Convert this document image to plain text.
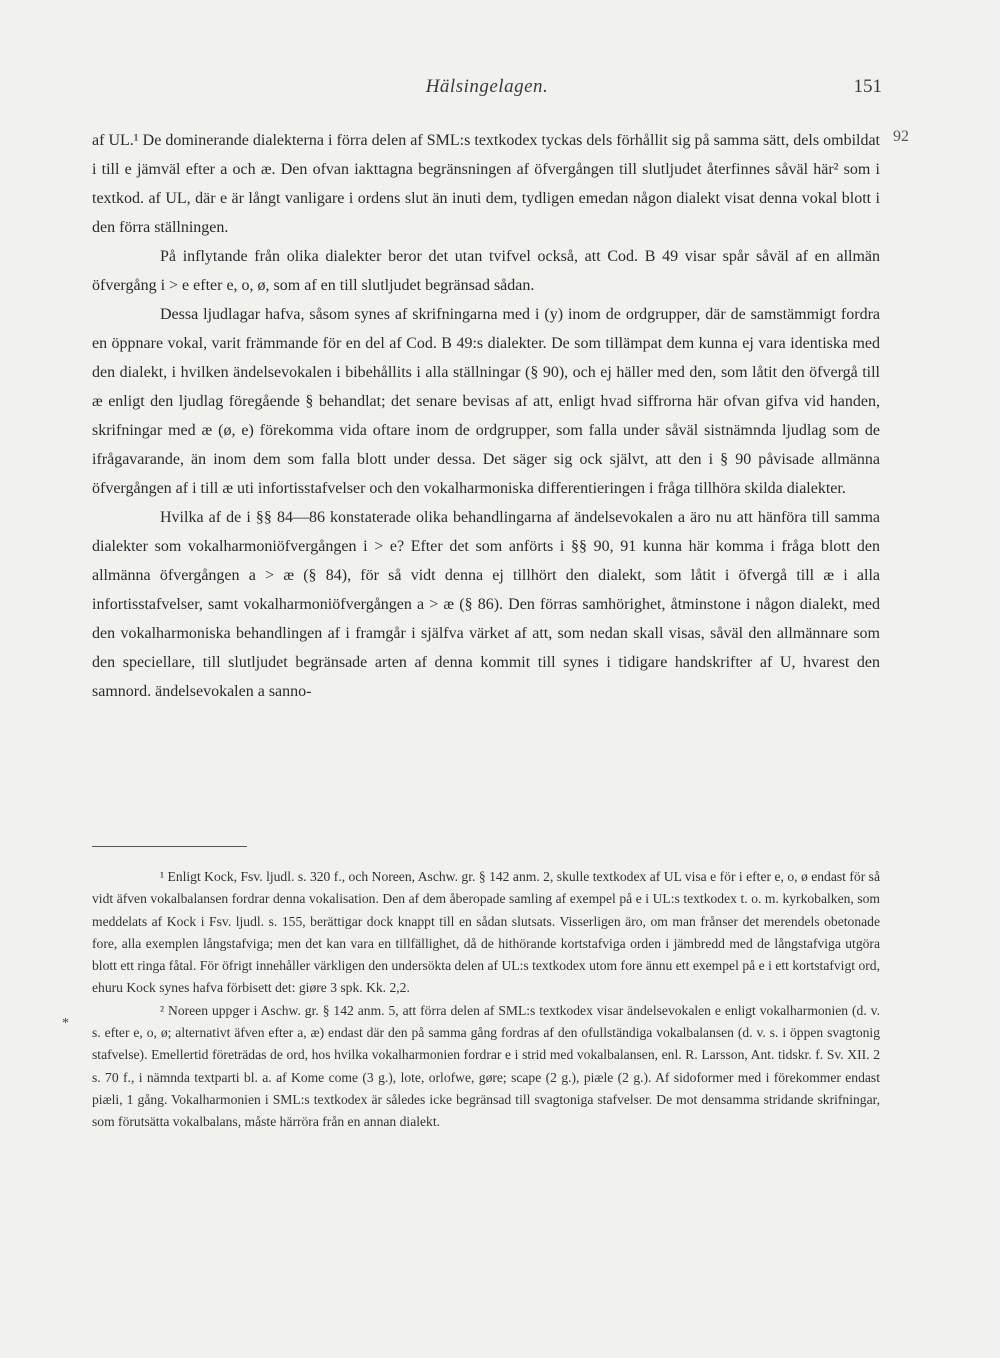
Hälsingelagen.	151
92

af UL.¹ De dominerande dialekterna i förra delen af SML:s textkodex tyckas dels förhållit sig på samma sätt, dels ombildat i till e jämväl efter a och æ. Den ofvan iakttagna begränsningen af öfvergången till slutljudet återfinnes såväl här² som i textkod. af UL, där e är långt vanligare i ordens slut än inuti dem, tydligen emedan någon dialekt visat denna vokal blott i den förra ställningen.

På inflytande från olika dialekter beror det utan tvifvel också, att Cod. B 49 visar spår såväl af en allmän öfvergång i > e efter e, o, ø, som af en till slutljudet begränsad sådan.

Dessa ljudlagar hafva, såsom synes af skrifningarna med i (y) inom de ordgrupper, där de samstämmigt fordra en öppnare vokal, varit främmande för en del af Cod. B 49:s dialekter. De som tillämpat dem kunna ej vara identiska med den dialekt, i hvilken ändelsevokalen i bibehållits i alla ställningar (§ 90), och ej häller med den, som låtit den öfvergå till æ enligt den ljudlag föregående § behandlat; det senare bevisas af att, enligt hvad siffrorna här ofvan gifva vid handen, skrifningar med æ (ø, e) förekomma vida oftare inom de ordgrupper, som falla under såväl sistnämnda ljudlag som de ifrågavarande, än inom dem som falla blott under dessa. Det säger sig ock självt, att den i § 90 påvisade allmänna öfvergången af i till æ uti infortisstafvelser och den vokalharmoniska differentieringen i fråga tillhöra skilda dialekter.

Hvilka af de i §§ 84—86 konstaterade olika behandlingarna af ändelsevokalen a äro nu att hänföra till samma dialekter som vokalharmoniöfvergången i > e? Efter det som anförts i §§ 90, 91 kunna här komma i fråga blott den allmänna öfvergången a > æ (§ 84), för så vidt denna ej tillhört den dialekt, som låtit i öfvergå till æ i alla infortisstafvelser, samt vokalharmoniöfvergången a > æ (§ 86). Den förras samhörighet, åtminstone i någon dialekt, med den vokalharmoniska behandlingen af i framgår i själfva värket af att, som nedan skall visas, såväl den allmännare som den speciellare, till slutljudet begränsade arten af denna kommit till synes i tidigare handskrifter af U, hvarest den samnord. ändelsevokalen a sanno-

*

¹ Enligt Kock, Fsv. ljudl. s. 320 f., och Noreen, Aschw. gr. § 142 anm. 2, skulle textkodex af UL visa e för i efter e, o, ø endast för så vidt äfven vokalbalansen fordrar denna vokalisation. Den af dem åberopade samling af exempel på e i UL:s textkodex t. o. m. kyrkobalken, som meddelats af Kock i Fsv. ljudl. s. 155, berättigar dock knappt till en sådan slutsats. Visserligen äro, om man frånser det merendels obetonade fore, alla exemplen långstafviga; men det kan vara en tillfällighet, då de hithörande kortstafviga orden i jämbredd med de långstafviga utgöra blott ett ringa fåtal. För öfrigt innehåller värkligen den undersökta delen af UL:s textkodex utom fore ännu ett exempel på e i ett kortstafvigt ord, ehuru Kock synes hafva förbisett det: giøre 3 spk. Kk. 2,2.

² Noreen uppger i Aschw. gr. § 142 anm. 5, att förra delen af SML:s textkodex visar ändelsevokalen e enligt vokalharmonien (d. v. s. efter e, o, ø; alternativt äfven efter a, æ) endast där den på samma gång fordras af den ofullständiga vokalbalansen (d. v. s. i öppen svagtonig stafvelse). Emellertid företrädas de ord, hos hvilka vokalharmonien fordrar e i strid med vokalbalansen, enl. R. Larsson, Ant. tidskr. f. Sv. XII. 2 s. 70 f., i nämnda textparti bl. a. af Kome come (3 g.), lote, orlofwe, gøre; scape (2 g.), piæle (2 g.). Af sidoformer med i förekommer endast piæli, 1 gång. Vokalharmonien i SML:s textkodex är således icke begränsad till svagtoniga stafvelser. De mot densamma stridande skrifningar, som förutsätta vokalbalans, måste härröra från en annan dialekt.
